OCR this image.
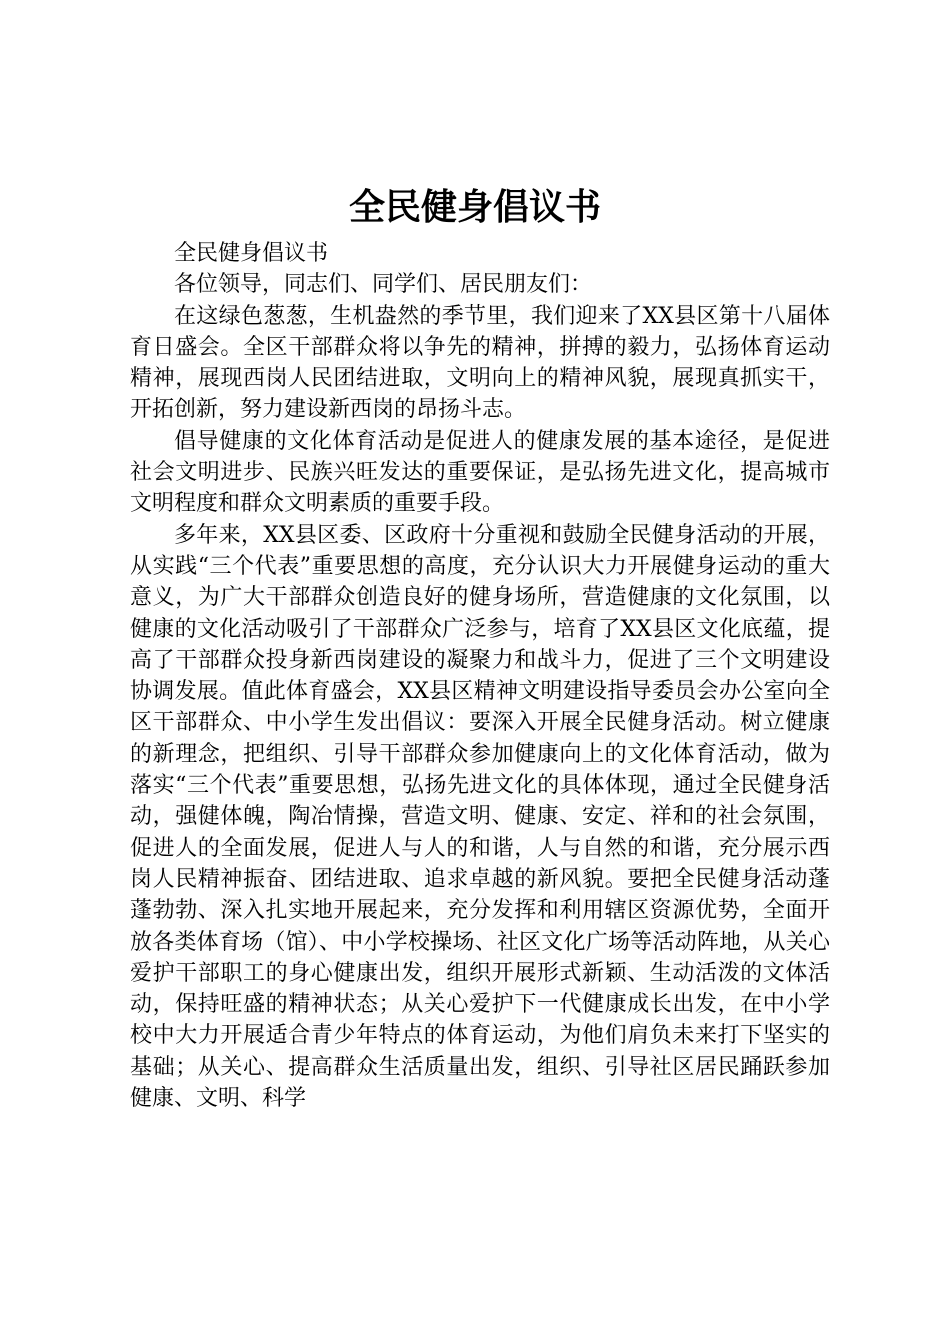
全民健身倡议书

全民健身倡议书

各位领导，同志们、同学们、居民朋友们：

在这绿色葱葱，生机盎然的季节里，我们迎来了XX县区第十八届体育日盛会。全区干部群众将以争先的精神，拼搏的毅力，弘扬体育运动精神，展现西岗人民团结进取，文明向上的精神风貌，展现真抓实干，开拓创新，努力建设新西岗的昂扬斗志。

倡导健康的文化体育活动是促进人的健康发展的基本途径，是促进社会文明进步、民族兴旺发达的重要保证，是弘扬先进文化，提高城市文明程度和群众文明素质的重要手段。

多年来，XX县区委、区政府十分重视和鼓励全民健身活动的开展，从实践“三个代表”重要思想的高度，充分认识大力开展健身运动的重大意义，为广大干部群众创造良好的健身场所，营造健康的文化氛围，以健康的文化活动吸引了干部群众广泛参与，培育了XX县区文化底蕴，提高了干部群众投身新西岗建设的凝聚力和战斗力，促进了三个文明建设协调发展。值此体育盛会，XX县区精神文明建设指导委员会办公室向全区干部群众、中小学生发出倡议：要深入开展全民健身活动。树立健康的新理念，把组织、引导干部群众参加健康向上的文化体育活动，做为落实“三个代表”重要思想，弘扬先进文化的具体体现，通过全民健身活动，强健体魄，陶冶情操，营造文明、健康、安定、祥和的社会氛围，促进人的全面发展，促进人与人的和谐，人与自然的和谐，充分展示西岗人民精神振奋、团结进取、追求卓越的新风貌。要把全民健身活动蓬蓬勃勃、深入扎实地开展起来，充分发挥和利用辖区资源优势，全面开放各类体育场（馆）、中小学校操场、社区文化广场等活动阵地，从关心爱护干部职工的身心健康出发，组织开展形式新颖、生动活泼的文体活动，保持旺盛的精神状态；从关心爱护下一代健康成长出发，在中小学校中大力开展适合青少年特点的体育运动，为他们肩负未来打下坚实的基础；从关心、提高群众生活质量出发，组织、引导社区居民踊跃参加健康、文明、科学
